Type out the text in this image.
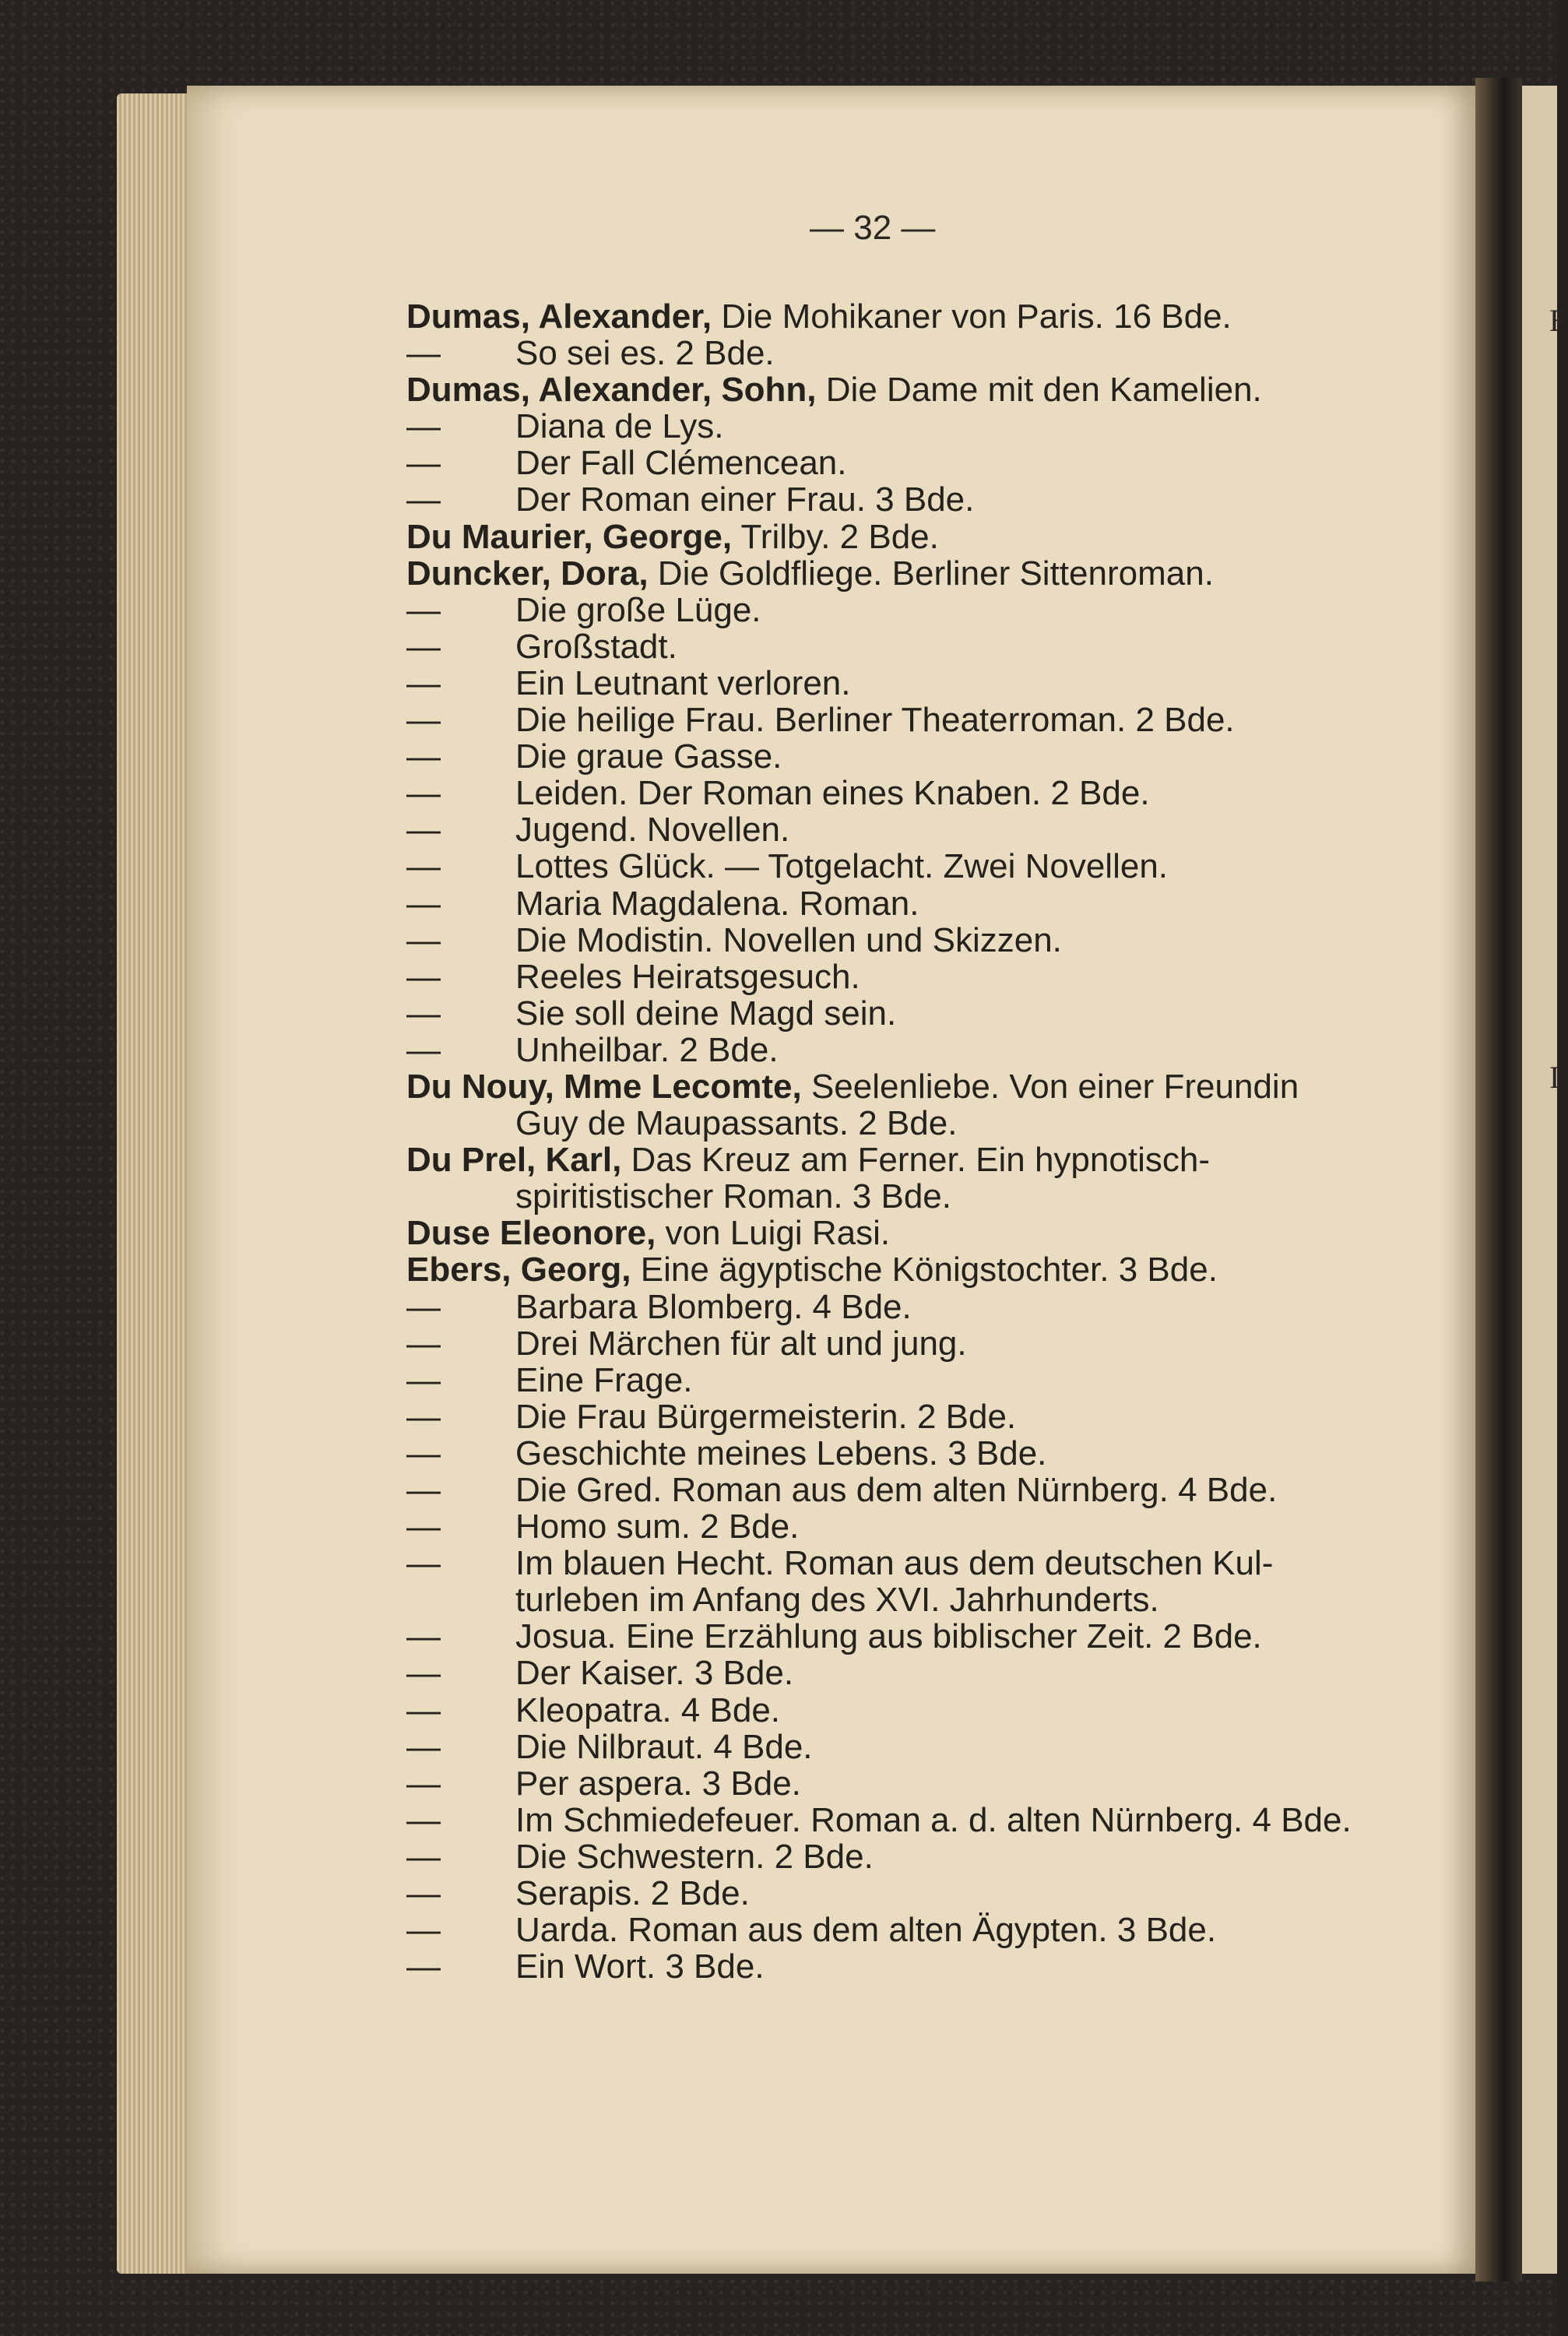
E
I
— 32 —
Dumas, Alexander, Die Mohikaner von Paris. 16 Bde.
— So sei es. 2 Bde.
Dumas, Alexander, Sohn, Die Dame mit den Kamelien.
— Diana de Lys.
— Der Fall Clémencean.
— Der Roman einer Frau. 3 Bde.
Du Maurier, George, Trilby. 2 Bde.
Duncker, Dora, Die Goldfliege. Berliner Sittenroman.
— Die große Lüge.
— Großstadt.
— Ein Leutnant verloren.
— Die heilige Frau. Berliner Theaterroman. 2 Bde.
— Die graue Gasse.
— Leiden. Der Roman eines Knaben. 2 Bde.
— Jugend. Novellen.
— Lottes Glück. — Totgelacht. Zwei Novellen.
— Maria Magdalena. Roman.
— Die Modistin. Novellen und Skizzen.
— Reeles Heiratsgesuch.
— Sie soll deine Magd sein.
— Unheilbar. 2 Bde.
Du Nouy, Mme Lecomte, Seelenliebe. Von einer Freundin
Guy de Maupassants. 2 Bde.
Du Prel, Karl, Das Kreuz am Ferner. Ein hypnotisch-
spiritistischer Roman. 3 Bde.
Duse Eleonore, von Luigi Rasi.
Ebers, Georg, Eine ägyptische Königstochter. 3 Bde.
— Barbara Blomberg. 4 Bde.
— Drei Märchen für alt und jung.
— Eine Frage.
— Die Frau Bürgermeisterin. 2 Bde.
— Geschichte meines Lebens. 3 Bde.
— Die Gred. Roman aus dem alten Nürnberg. 4 Bde.
— Homo sum. 2 Bde.
— Im blauen Hecht. Roman aus dem deutschen Kul-
turleben im Anfang des XVI. Jahrhunderts.
— Josua. Eine Erzählung aus biblischer Zeit. 2 Bde.
— Der Kaiser. 3 Bde.
— Kleopatra. 4 Bde.
— Die Nilbraut. 4 Bde.
— Per aspera. 3 Bde.
— Im Schmiedefeuer. Roman a. d. alten Nürnberg. 4 Bde.
— Die Schwestern. 2 Bde.
— Serapis. 2 Bde.
— Uarda. Roman aus dem alten Ägypten. 3 Bde.
— Ein Wort. 3 Bde.
